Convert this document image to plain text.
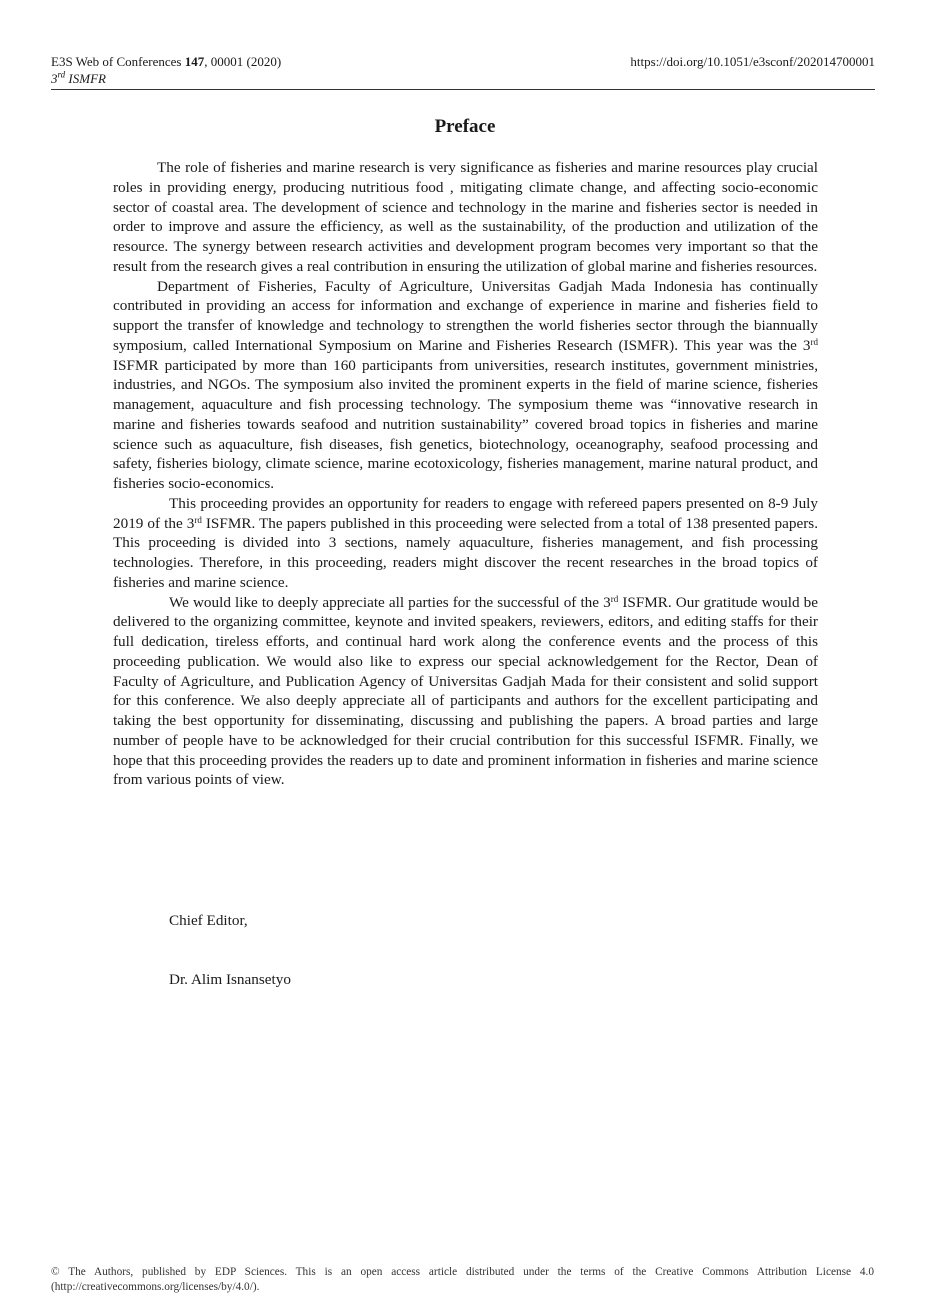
E3S Web of Conferences 147, 00001 (2020)
3rd ISMFR
https://doi.org/10.1051/e3sconf/202014700001
Preface

The role of fisheries and marine research is very significance as fisheries and marine resources play crucial roles in providing energy, producing nutritious food , mitigating climate change, and affecting socio-economic sector of coastal area. The development of science and technology in the marine and fisheries sector is needed in order to improve and assure the efficiency, as well as the sustainability, of the production and utilization of the resource. The synergy between research activities and development program becomes very important so that the result from the research gives a real contribution in ensuring the utilization of global marine and fisheries resources.

Department of Fisheries, Faculty of Agriculture, Universitas Gadjah Mada Indonesia has continually contributed in providing an access for information and exchange of experience in marine and fisheries field to support the transfer of knowledge and technology to strengthen the world fisheries sector through the biannually symposium, called International Symposium on Marine and Fisheries Research (ISMFR). This year was the 3rd ISFMR participated by more than 160 participants from universities, research institutes, government ministries, industries, and NGOs. The symposium also invited the prominent experts in the field of marine science, fisheries management, aquaculture and fish processing technology. The symposium theme was “innovative research in marine and fisheries towards seafood and nutrition sustainability” covered broad topics in fisheries and marine science such as aquaculture, fish diseases, fish genetics, biotechnology, oceanography, seafood processing and safety, fisheries biology, climate science, marine ecotoxicology, fisheries management, marine natural product, and fisheries socio-economics.

This proceeding provides an opportunity for readers to engage with refereed papers presented on 8-9 July 2019 of the 3rd ISFMR. The papers published in this proceeding were selected from a total of 138 presented papers. This proceeding is divided into 3 sections, namely aquaculture, fisheries management, and fish processing technologies. Therefore, in this proceeding, readers might discover the recent researches in the broad topics of fisheries and marine science.

We would like to deeply appreciate all parties for the successful of the 3rd ISFMR. Our gratitude would be delivered to the organizing committee, keynote and invited speakers, reviewers, editors, and editing staffs for their full dedication, tireless efforts, and continual hard work along the conference events and the process of this proceeding publication. We would also like to express our special acknowledgement for the Rector, Dean of Faculty of Agriculture, and Publication Agency of Universitas Gadjah Mada for their consistent and solid support for this conference. We also deeply appreciate all of participants and authors for the excellent participating and taking the best opportunity for disseminating, discussing and publishing the papers. A broad parties and large number of people have to be acknowledged for their crucial contribution for this successful ISFMR. Finally, we hope that this proceeding provides the readers up to date and prominent information in fisheries and marine science from various points of view.

Chief Editor,
Dr. Alim Isnansetyo
© The Authors, published by EDP Sciences. This is an open access article distributed under the terms of the Creative Commons Attribution License 4.0 (http://creativecommons.org/licenses/by/4.0/).
